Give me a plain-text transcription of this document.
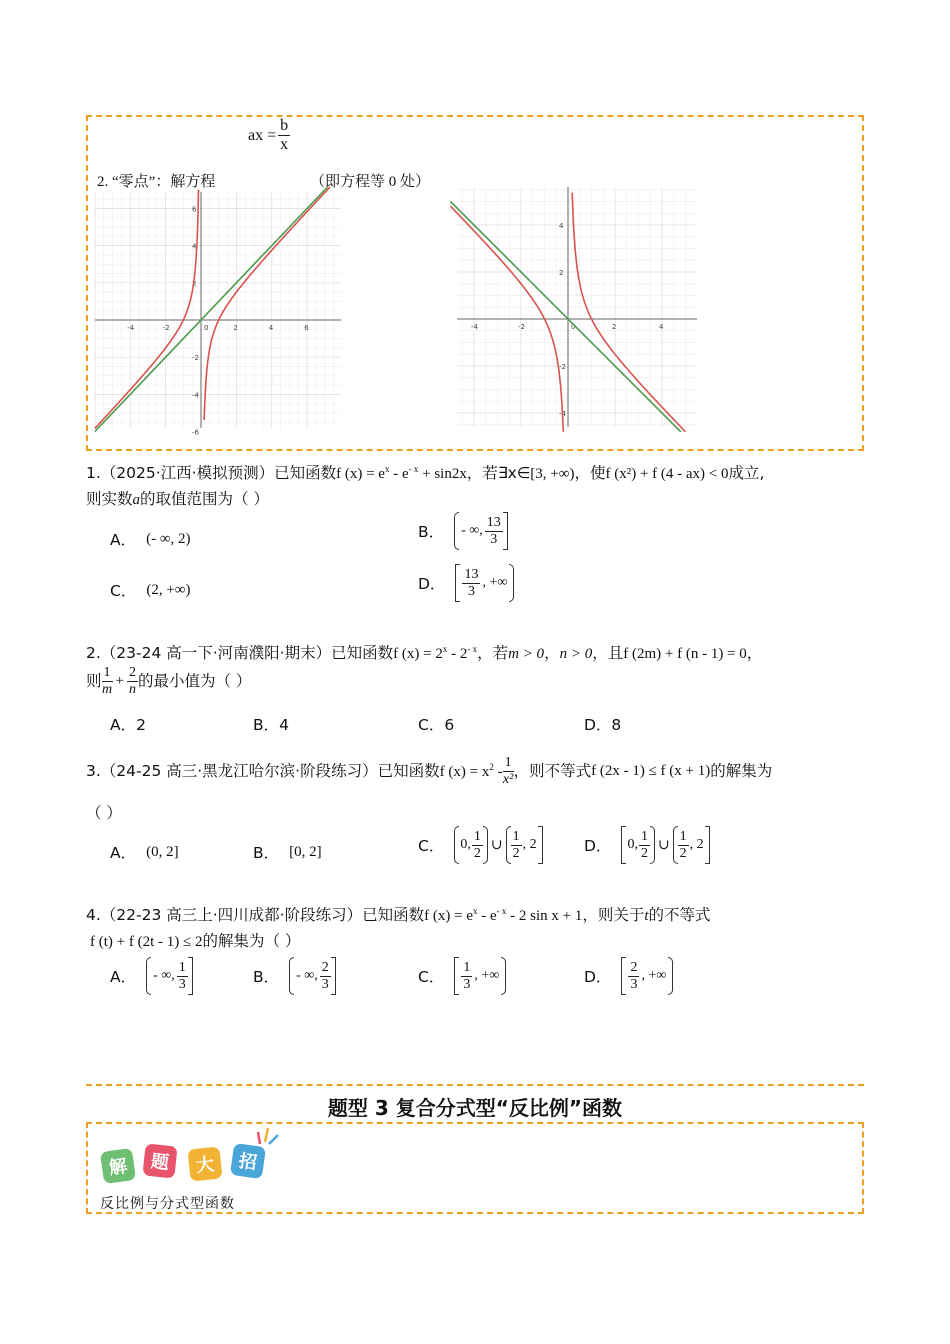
ax = $\frac{b}{x}$
2. “零点”：解方程	（即方程等 0 处）
-4	-2	0	2	4	6
6
4
2
-2
-4
-6
-4	-2	0	2	4
4
2
-2
-4
1.（2025·江西·模拟预测）已知函数f $(x) = e^x - e^{- x} + \sin 2x$，若∃x∈[3, +∞)，使f (x²) + f (4 - ax) < 0成立,
则实数a的取值范围为（ ）
A． (- ∞, 2)	B． - ∞, $\frac{13}{3}$
C． (2, +∞)	D． $\frac{13}{3}$ , +∞
2.（23-24 高一下·河南濮阳·期末）已知函数f $(x) = 2^x - 2^{- x}$，若m > 0，n > 0，且f (2m) + f (n - 1) = 0，
则 $\frac{1}{m} + \frac{2}{n}$ 的最小值为（ ）
A．2	B．4	C．6	D．8
3.（24-25 高三·黑龙江哈尔滨·阶段练习）已知函数 f $(x) = x^2 - \frac{1}{\text{x²}}$ ，则不等式 f (2x - 1) ≤ f (x + 1) 的解集为
（ ）
A． (0, 2]	B． [0, 2]	C． 0, $\frac{1}{2}$ ∪ $\frac{1}{2}$ , 2	D． 0, $\frac{1}{2}$ ∪ $\frac{1}{2}$ , 2
4.（22-23 高三上·四川成都·阶段练习）已知函数f $(x) = e^x - e^{- x} - 2$ sin x + 1，则关于t的不等式
f (t) + f (2t - 1) ≤ 2的解集为（ ）
A． - ∞, $\frac{1}{3}$	B． - ∞, $\frac{2}{3}$	C． $\frac{1}{3}$ , +∞	D． $\frac{2}{3}$ , +∞
题型 3 复合分式型“反比例”函数
解 题 大 招
反比例与分式型函数
